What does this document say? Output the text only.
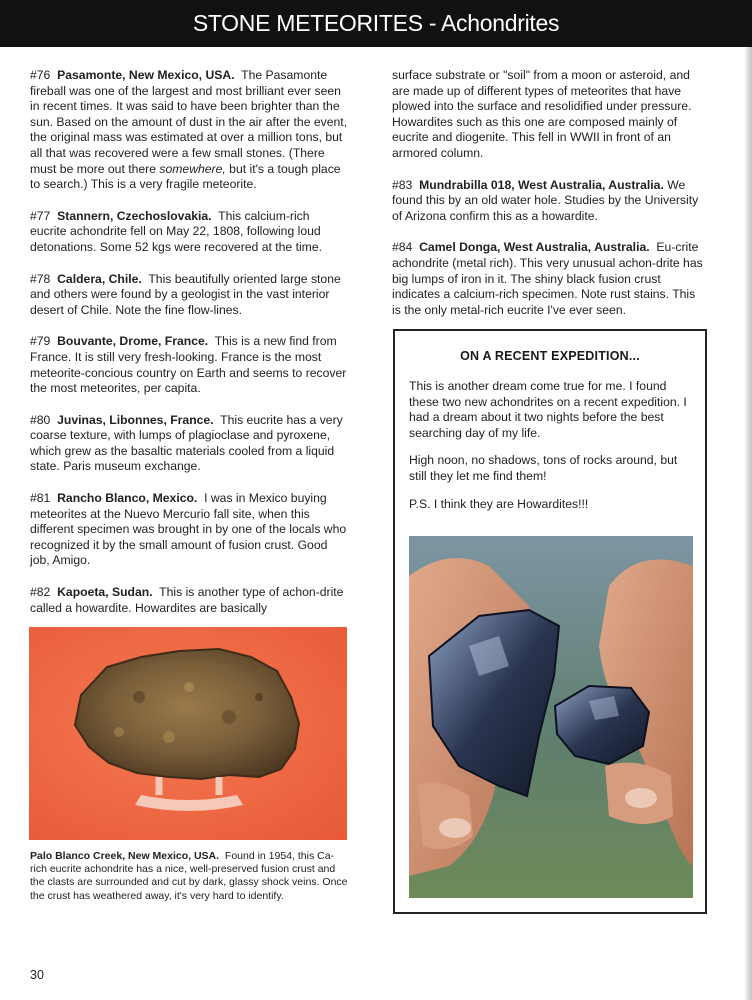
STONE METEORITES - Achondrites

#76 Pasamonte, New Mexico, USA. The Pasamonte fireball was one of the largest and most brilliant ever seen in recent times. It was said to have been brighter than the sun. Based on the amount of dust in the air after the event, the original mass was estimated at over a million tons, but all that was recovered were a few small stones. (There must be more out there somewhere, but it's a tough place to search.) This is a very fragile meteorite.

#77 Stannern, Czechoslovakia. This calcium-rich eucrite achondrite fell on May 22, 1808, following loud detonations. Some 52 kgs were recovered at the time.

#78 Caldera, Chile. This beautifully oriented large stone and others were found by a geologist in the vast interior desert of Chile. Note the fine flow-lines.

#79 Bouvante, Drome, France. This is a new find from France. It is still very fresh-looking. France is the most meteorite-concious country on Earth and seems to recover the most meteorites, per capita.

#80 Juvinas, Libonnes, France. This eucrite has a very coarse texture, with lumps of plagioclase and pyroxene, which grew as the basaltic materials cooled from a liquid state. Paris museum exchange.

#81 Rancho Blanco, Mexico. I was in Mexico buying meteorites at the Nuevo Mercurio fall site, when this different specimen was brought in by one of the locals who recognized it by the small amount of fusion crust. Good job, Amigo.

#82 Kapoeta, Sudan. This is another type of achon-drite called a howardite. Howardites are basically

Palo Blanco Creek, New Mexico, USA. Found in 1954, this Ca-rich eucrite achondrite has a nice, well-preserved fusion crust and the clasts are surrounded and cut by dark, glassy shock veins. Once the crust has weathered away, it's very hard to identify.

surface substrate or "soil" from a moon or asteroid, and are made up of different types of meteorites that have plowed into the surface and resolidified under pressure. Howardites such as this one are composed mainly of eucrite and diogenite. This fell in WWII in front of an armored column.

#83 Mundrabilla 018, West Australia, Australia. We found this by an old water hole. Studies by the University of Arizona confirm this as a howardite.

#84 Camel Donga, West Australia, Australia. Eu-crite achondrite (metal rich). This very unusual achon-drite has big lumps of iron in it. The shiny black fusion crust indicates a calcium-rich specimen. Note rust stains. This is the only metal-rich eucrite I've ever seen.

ON A RECENT EXPEDITION...

This is another dream come true for me. I found these two new achondrites on a recent expedition. I had a dream about it two nights before the best searching day of my life.

High noon, no shadows, tons of rocks around, but still they let me find them!

P.S. I think they are Howardites!!!

30
